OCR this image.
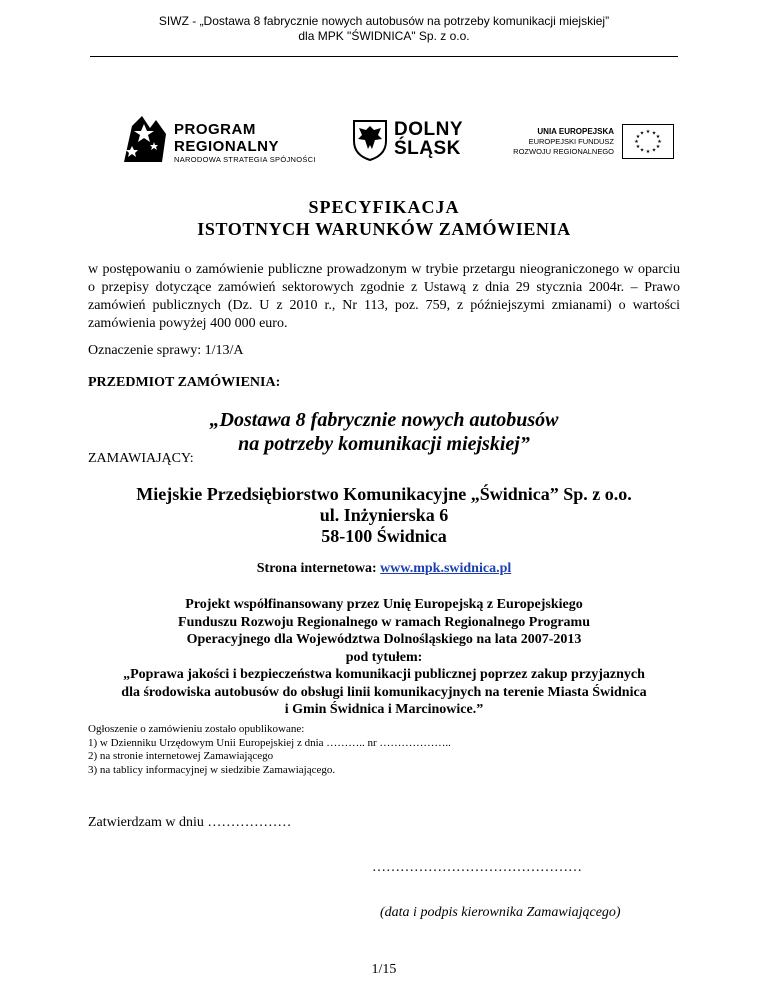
SIWZ - „Dostawa 8 fabrycznie nowych autobusów na potrzeby komunikacji miejskiej”
dla MPK "ŚWIDNICA" Sp. z o.o.
PROGRAM
REGIONALNY
NARODOWA STRATEGIA SPÓJNOŚCI
DOLNY
ŚLĄSK
UNIA EUROPEJSKA
EUROPEJSKI FUNDUSZ
ROZWOJU REGIONALNEGO
★ ★
★
★
★
★
★
★
★
★
★
★
SPECYFIKACJA
ISTOTNYCH WARUNKÓW ZAMÓWIENIA
w postępowaniu o zamówienie publiczne prowadzonym w trybie przetargu nieograniczonego w oparciu o przepisy dotyczące zamówień sektorowych zgodnie z Ustawą z dnia 29 stycznia 2004r. – Prawo zamówień publicznych (Dz. U z 2010 r., Nr 113, poz. 759, z późniejszymi zmianami) o wartości zamówienia powyżej 400 000 euro.
Oznaczenie sprawy: 1/13/A
PRZEDMIOT ZAMÓWIENIA:
„Dostawa 8 fabrycznie nowych autobusów
na potrzeby komunikacji miejskiej”
ZAMAWIAJĄCY:
Miejskie Przedsiębiorstwo Komunikacyjne „Świdnica” Sp. z o.o.
ul. Inżynierska 6
58-100 Świdnica
Strona internetowa: www.mpk.swidnica.pl
Projekt współfinansowany przez Unię Europejską z Europejskiego
Funduszu Rozwoju Regionalnego w ramach Regionalnego Programu
Operacyjnego dla Województwa Dolnośląskiego na lata 2007-2013
pod tytułem:
„Poprawa jakości i bezpieczeństwa komunikacji publicznej poprzez zakup przyjaznych
dla środowiska autobusów do obsługi linii komunikacyjnych na terenie Miasta Świdnica
i Gmin Świdnica i Marcinowice.”
Ogłoszenie o zamówieniu zostało opublikowane:
1) w Dzienniku Urzędowym Unii Europejskiej z dnia ……….. nr ………………..
2) na stronie internetowej Zamawiającego
3) na tablicy informacyjnej w siedzibie Zamawiającego.
Zatwierdzam w dniu ………………
………………………………………
(data i podpis kierownika Zamawiającego)
1/15
